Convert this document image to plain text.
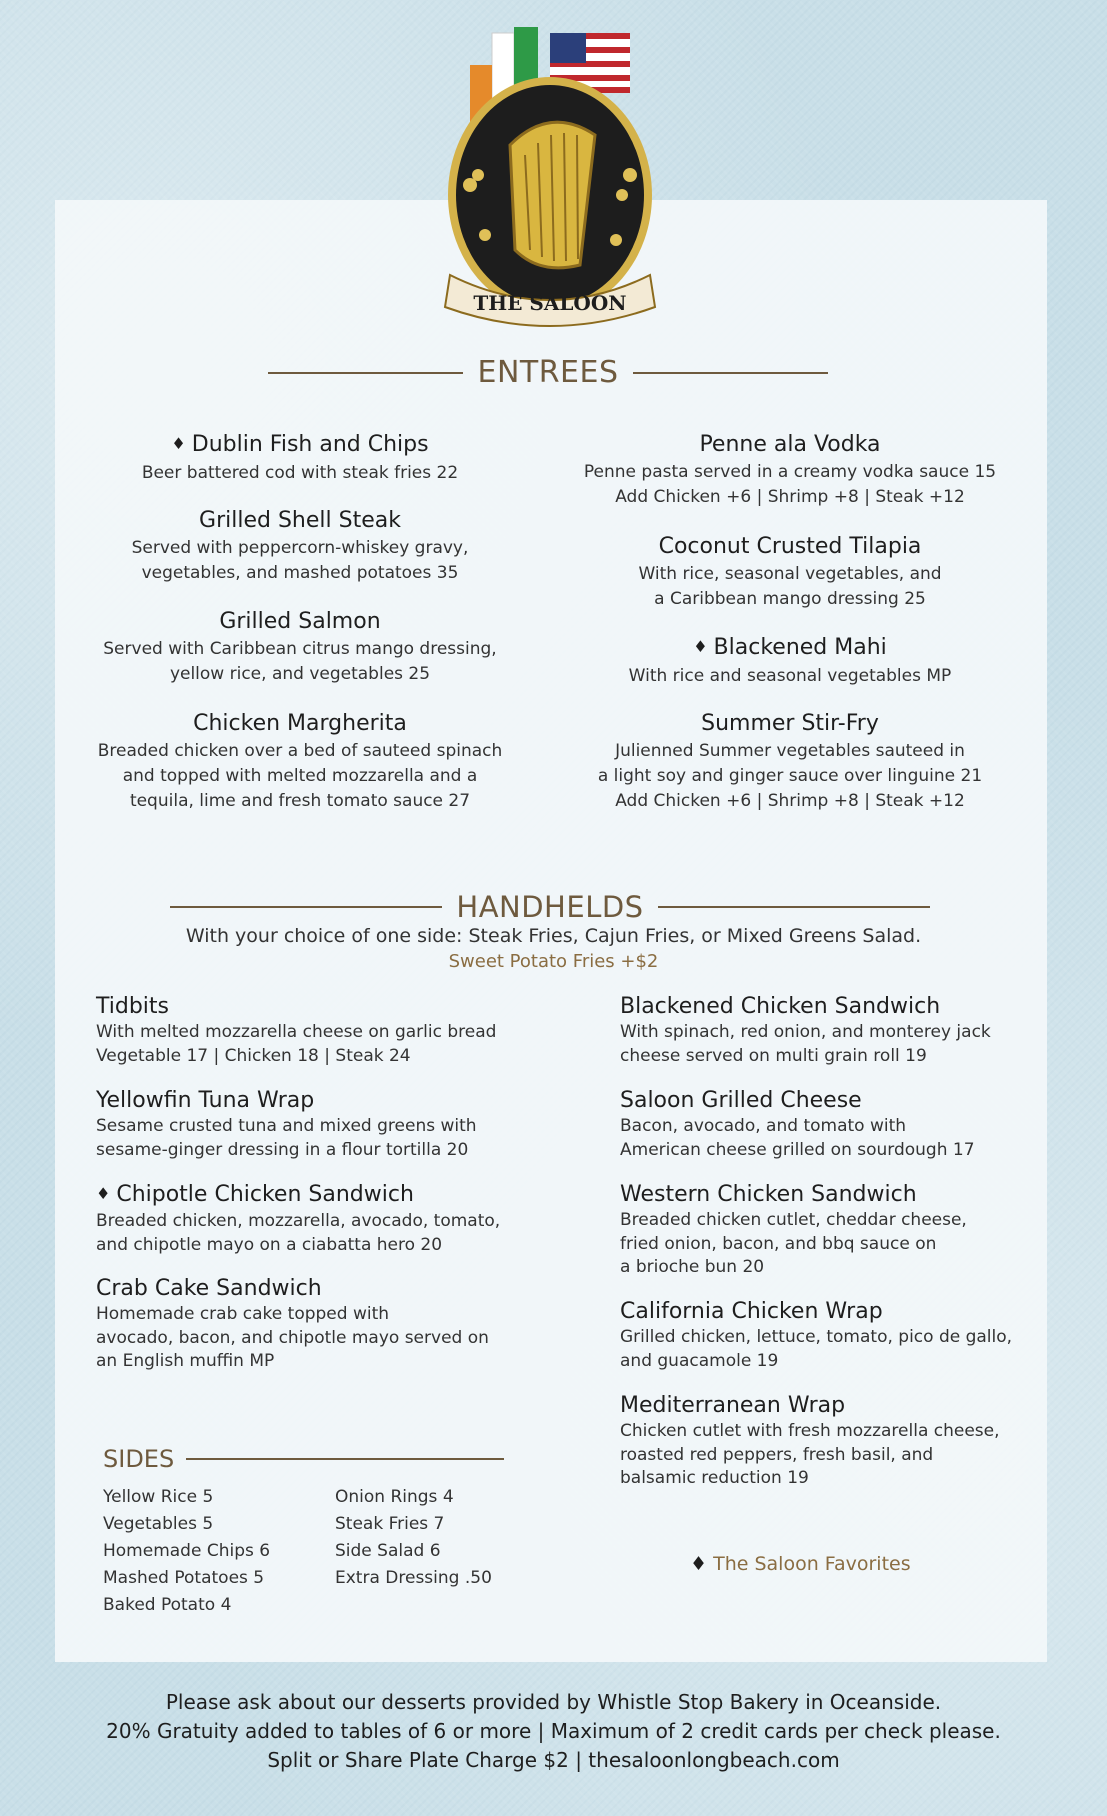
THE SALOON
ENTREES
♦ Dublin Fish and Chips
Beer battered cod with steak fries 22
Grilled Shell Steak
Served with peppercorn-whiskey gravy,
vegetables, and mashed potatoes 35
Grilled Salmon
Served with Caribbean citrus mango dressing,
yellow rice, and vegetables 25
Chicken Margherita
Breaded chicken over a bed of sauteed spinach
and topped with melted mozzarella and a
tequila, lime and fresh tomato sauce 27
Penne ala Vodka
Penne pasta served in a creamy vodka sauce 15
Add Chicken +6 | Shrimp +8 | Steak +12
Coconut Crusted Tilapia
With rice, seasonal vegetables, and
a Caribbean mango dressing 25
♦ Blackened Mahi
With rice and seasonal vegetables MP
Summer Stir-Fry
Julienned Summer vegetables sauteed in
a light soy and ginger sauce over linguine 21
Add Chicken +6 | Shrimp +8 | Steak +12
HANDHELDS
With your choice of one side: Steak Fries, Cajun Fries, or Mixed Greens Salad.
Sweet Potato Fries +$2
Tidbits
With melted mozzarella cheese on garlic bread
Vegetable 17 | Chicken 18 | Steak 24
Yellowfin Tuna Wrap
Sesame crusted tuna and mixed greens with
sesame-ginger dressing in a flour tortilla 20
♦ Chipotle Chicken Sandwich
Breaded chicken, mozzarella, avocado, tomato,
and chipotle mayo on a ciabatta hero 20
Crab Cake Sandwich
Homemade crab cake topped with
avocado, bacon, and chipotle mayo served on
an English muffin MP
Blackened Chicken Sandwich
With spinach, red onion, and monterey jack
cheese served on multi grain roll 19
Saloon Grilled Cheese
Bacon, avocado, and tomato with
American cheese grilled on sourdough 17
Western Chicken Sandwich
Breaded chicken cutlet, cheddar cheese,
fried onion, bacon, and bbq sauce on
a brioche bun 20
California Chicken Wrap
Grilled chicken, lettuce, tomato, pico de gallo,
and guacamole 19
Mediterranean Wrap
Chicken cutlet with fresh mozzarella cheese,
roasted red peppers, fresh basil, and
balsamic reduction 19
SIDES
Yellow Rice 5
Vegetables 5
Homemade Chips 6
Mashed Potatoes 5
Baked Potato 4
Onion Rings 4
Steak Fries 7
Side Salad 6
Extra Dressing .50
♦ The Saloon Favorites
Please ask about our desserts provided by Whistle Stop Bakery in Oceanside.
20% Gratuity added to tables of 6 or more | Maximum of 2 credit cards per check please.
Split or Share Plate Charge $2 | thesaloonlongbeach.com
